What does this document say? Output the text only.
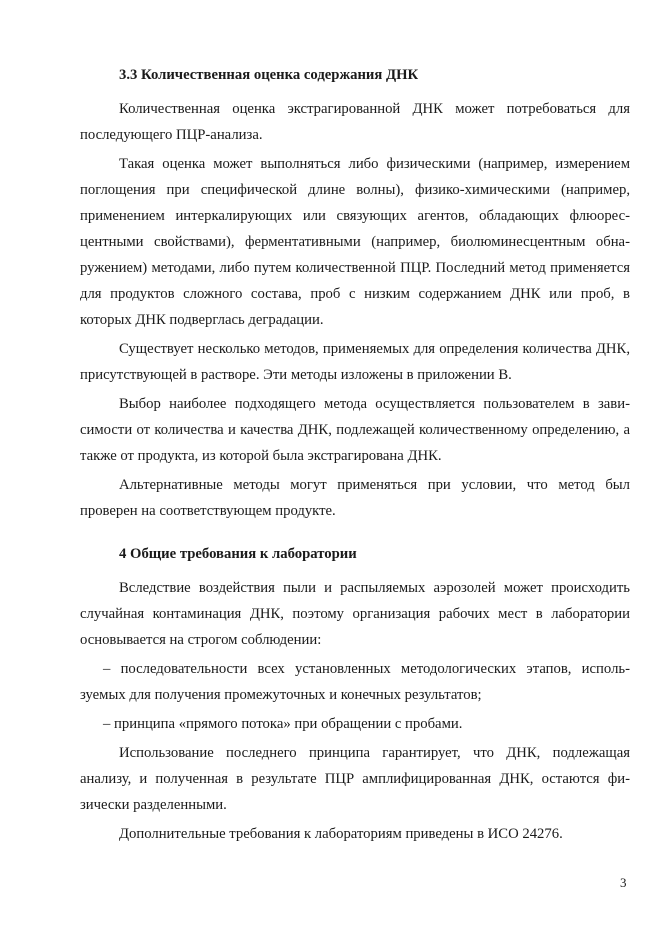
3.3 Количественная оценка содержания ДНК

Количественная оценка экстрагированной ДНК может потребоваться для последующего ПЦР-анализа.

Такая оценка может выполняться либо физическими (например, измерением поглощения при специфической длине волны), физико-химическими (например, применением интеркалирующих или связующих агентов, обладающих флюоресцентными свойствами), ферментативными (например, биолюминесцентным обнаружением) методами, либо путем количественной ПЦР. Последний метод применяется для продуктов сложного состава, проб с низким содержанием ДНК или проб, в которых ДНК подверглась деградации.

Существует несколько методов, применяемых для определения количества ДНК, присутствующей в растворе. Эти методы изложены в приложении В.

Выбор наиболее подходящего метода осуществляется пользователем в зависимости от количества и качества ДНК, подлежащей количественному определению, а также от продукта, из которой была экстрагирована ДНК.

Альтернативные методы могут применяться при условии, что метод был проверен на соответствующем продукте.

4 Общие требования к лаборатории

Вследствие воздействия пыли и распыляемых аэрозолей может происходить случайная контаминация ДНК, поэтому организация рабочих мест в лаборатории основывается на строгом соблюдении:

– последовательности всех установленных методологических этапов, используемых для получения промежуточных и конечных результатов;

– принципа «прямого потока» при обращении с пробами.

Использование последнего принципа гарантирует, что ДНК, подлежащая анализу, и полученная в результате ПЦР амплифицированная ДНК, остаются физически разделенными.

Дополнительные требования к лабораториям приведены в ИСО 24276.

3
